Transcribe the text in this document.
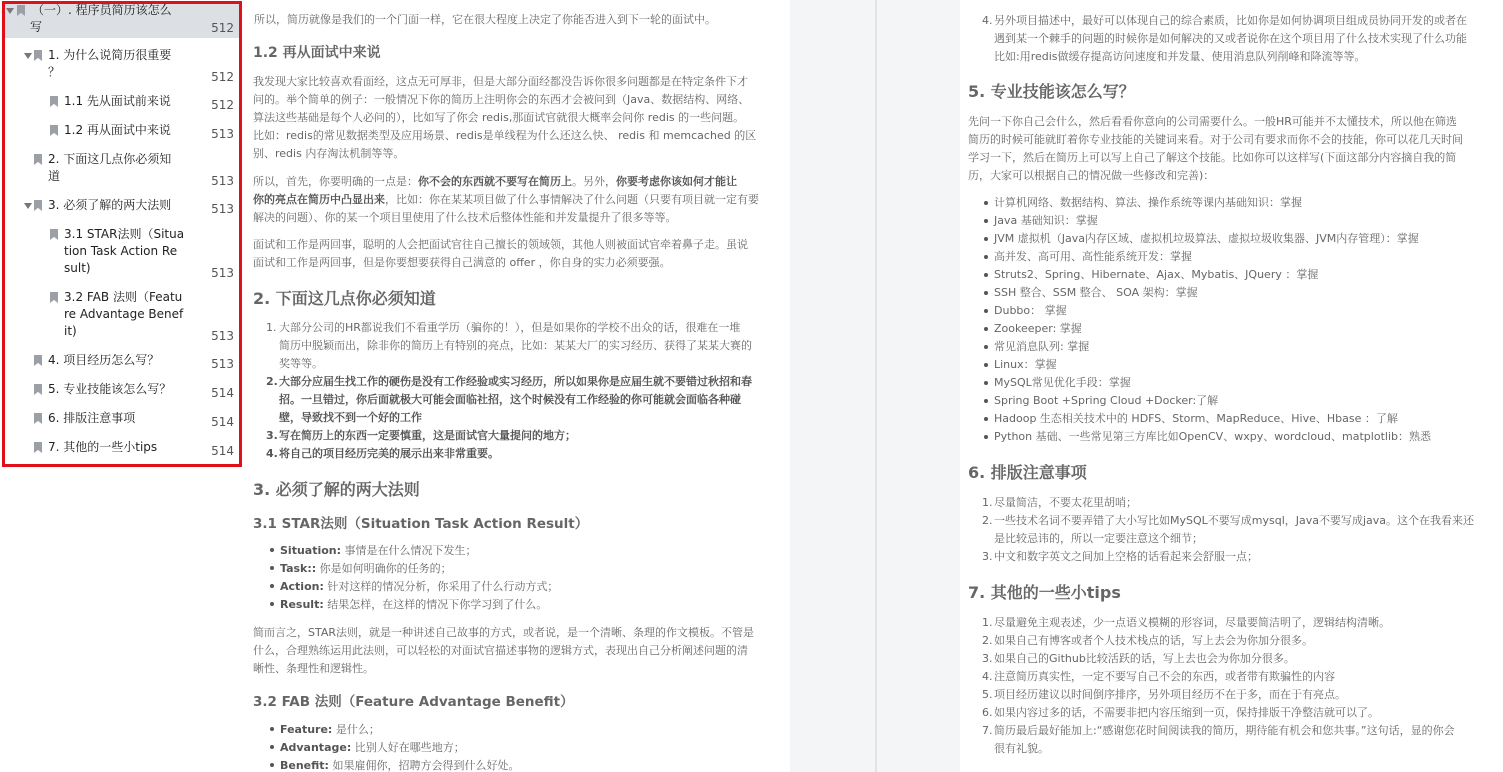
（一）. 程序员简历该怎么
写	512
1. 为什么说简历很重要
？	512
1.1 先从面试前来说	512
1.2 再从面试中来说	513
2. 下面这几点你必须知
道	513
3. 必须了解的两大法则	513
3.1 STAR法则（Situa
tion Task Action Re
sult)	513
3.2 FAB 法则（Featu
re Advantage Benef
it)	513
4. 项目经历怎么写？	513
5. 专业技能该怎么写？	514
6. 排版注意事项	514
7. 其他的一些小tips	514
所以，简历就像是我们的一个门面一样，它在很大程度上决定了你能否进入到下一轮的面试中。
1.2 再从面试中来说
我发现大家比较喜欢看面经，这点无可厚非，但是大部分面经都没告诉你很多问题都是在特定条件下才
问的。举个简单的例子：一般情况下你的简历上注明你会的东西才会被问到（Java、数据结构、网络、
算法这些基础是每个人必问的），比如写了你会 redis,那面试官就很大概率会问你 redis 的一些问题。
比如：redis的常见数据类型及应用场景、redis是单线程为什么还这么快、 redis 和 memcached 的区
别、redis 内存淘汰机制等等。
所以，首先，你要明确的一点是：你不会的东西就不要写在简历上。另外，你要考虑你该如何才能让
你的亮点在简历中凸显出来，比如：你在某某项目做了什么事情解决了什么问题（只要有项目就一定有要
解决的问题）、你的某一个项目里使用了什么技术后整体性能和并发量提升了很多等等。
面试和工作是两回事，聪明的人会把面试官往自己擅长的领域领，其他人则被面试官牵着鼻子走。虽说
面试和工作是两回事，但是你要想要获得自己满意的 offer ，你自身的实力必须要强。
2. 下面这几点你必须知道
1. 大部分公司的HR都说我们不看重学历（骗你的！），但是如果你的学校不出众的话，很难在一堆
简历中脱颖而出，除非你的简历上有特别的亮点，比如：某某大厂的实习经历、获得了某某大赛的
奖等等。
2. 大部分应届生找工作的硬伤是没有工作经验或实习经历，所以如果你是应届生就不要错过秋招和春
招。一旦错过，你后面就极大可能会面临社招，这个时候没有工作经验的你可能就会面临各种碰
壁，导致找不到一个好的工作
3. 写在简历上的东西一定要慎重，这是面试官大量提问的地方；
4. 将自己的项目经历完美的展示出来非常重要。
3. 必须了解的两大法则
3.1 STAR法则（Situation Task Action Result）
Situation: 事情是在什么情况下发生；
Task:: 你是如何明确你的任务的；
Action: 针对这样的情况分析，你采用了什么行动方式；
Result: 结果怎样，在这样的情况下你学习到了什么。
简而言之，STAR法则，就是一种讲述自己故事的方式，或者说，是一个清晰、条理的作文模板。不管是
什么，合理熟练运用此法则，可以轻松的对面试官描述事物的逻辑方式，表现出自己分析阐述问题的清
晰性、条理性和逻辑性。
3.2 FAB 法则（Feature Advantage Benefit）
Feature: 是什么；
Advantage: 比别人好在哪些地方；
Benefit: 如果雇佣你，招聘方会得到什么好处。
4. 另外项目描述中，最好可以体现自己的综合素质，比如你是如何协调项目组成员协同开发的或者在
遇到某一个棘手的问题的时候你是如何解决的又或者说你在这个项目用了什么技术实现了什么功能
比如:用redis做缓存提高访问速度和并发量、使用消息队列削峰和降流等等。
5. 专业技能该怎么写？
先问一下你自己会什么，然后看看你意向的公司需要什么。一般HR可能并不太懂技术，所以他在筛选
简历的时候可能就盯着你专业技能的关键词来看。对于公司有要求而你不会的技能，你可以花几天时间
学习一下，然后在简历上可以写上自己了解这个技能。比如你可以这样写(下面这部分内容摘自我的简
历，大家可以根据自己的情况做一些修改和完善)：
计算机网络、数据结构、算法、操作系统等课内基础知识：掌握
Java 基础知识：掌握
JVM 虚拟机（Java内存区域、虚拟机垃圾算法、虚拟垃圾收集器、JVM内存管理）：掌握
高并发、高可用、高性能系统开发：掌握
Struts2、Spring、Hibernate、Ajax、Mybatis、JQuery ：掌握
SSH 整合、SSM 整合、 SOA 架构：掌握
Dubbo： 掌握
Zookeeper: 掌握
常见消息队列: 掌握
Linux：掌握
MySQL常见优化手段：掌握
Spring Boot +Spring Cloud +Docker:了解
Hadoop 生态相关技术中的 HDFS、Storm、MapReduce、Hive、Hbase ：了解
Python 基础、一些常见第三方库比如OpenCV、wxpy、wordcloud、matplotlib：熟悉
6. 排版注意事项
1. 尽量简洁，不要太花里胡哨；
2. 一些技术名词不要弄错了大小写比如MySQL不要写成mysql，Java不要写成java。这个在我看来还
是比较忌讳的，所以一定要注意这个细节；
3. 中文和数字英文之间加上空格的话看起来会舒服一点；
7. 其他的一些小tips
1. 尽量避免主观表述，少一点语义模糊的形容词，尽量要简洁明了，逻辑结构清晰。
2. 如果自己有博客或者个人技术栈点的话，写上去会为你加分很多。
3. 如果自己的Github比较活跃的话，写上去也会为你加分很多。
4. 注意简历真实性，一定不要写自己不会的东西，或者带有欺骗性的内容
5. 项目经历建议以时间倒序排序，另外项目经历不在于多，而在于有亮点。
6. 如果内容过多的话，不需要非把内容压缩到一页，保持排版干净整洁就可以了。
7. 简历最后最好能加上:“感谢您花时间阅读我的简历，期待能有机会和您共事。”这句话，显的你会
很有礼貌。
